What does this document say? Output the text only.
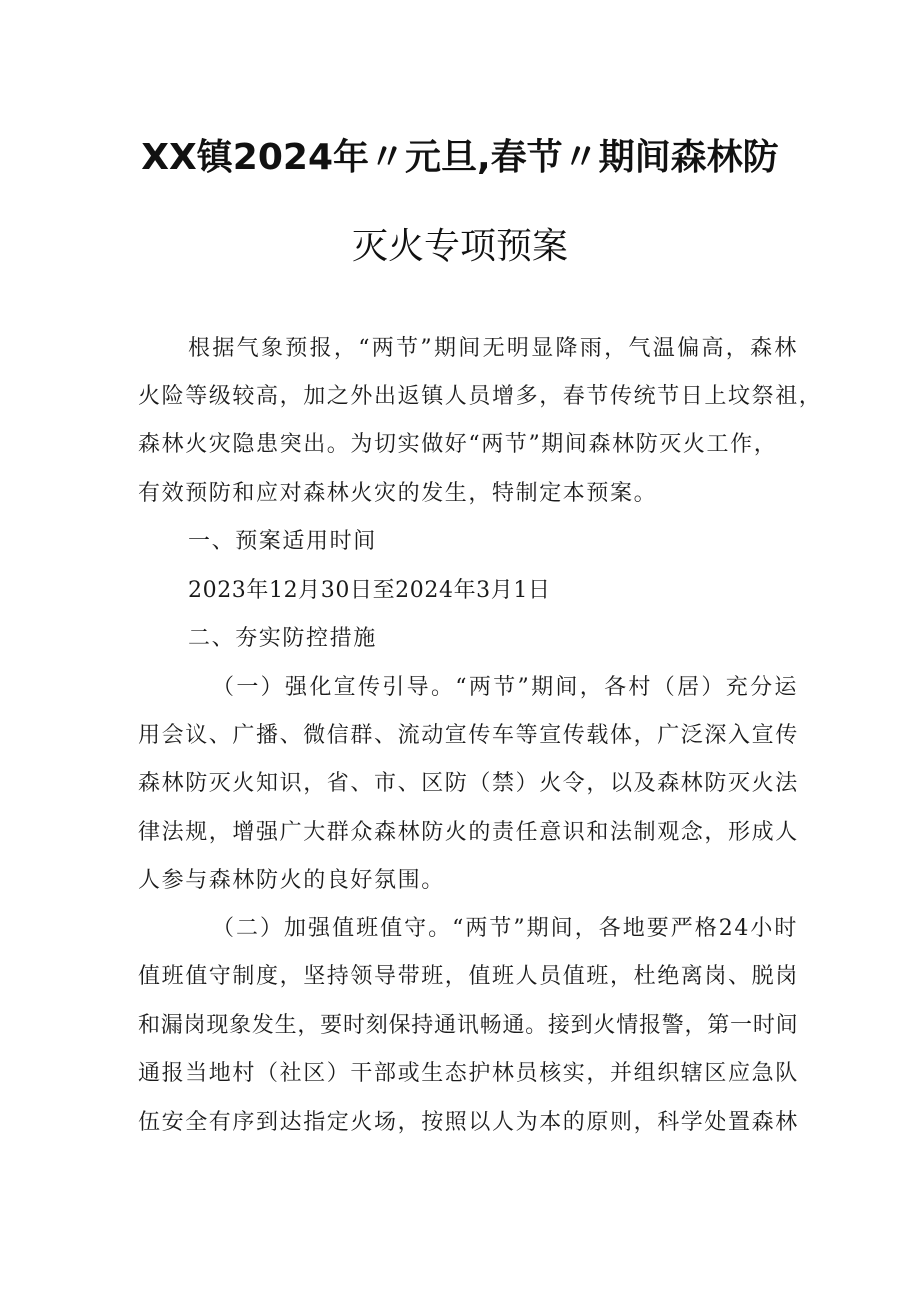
XX镇2024年〃元旦,春节〃期间森林防
灭火专项预案
根据气象预报，“两节”期间无明显降雨，气温偏高，森林
火险等级较高，加之外出返镇人员增多，春节传统节日上坟祭祖，
森林火灾隐患突出。为切实做好“两节”期间森林防灭火工作，
有效预防和应对森林火灾的发生，特制定本预案。
一、预案适用时间
2023年12月30日至2024年3月1日
二、夯实防控措施
（一）强化宣传引导。“两节”期间，各村（居）充分运
用会议、广播、微信群、流动宣传车等宣传载体，广泛深入宣传
森林防灭火知识，省、市、区防（禁）火令，以及森林防灭火法
律法规，增强广大群众森林防火的责任意识和法制观念，形成人
人参与森林防火的良好氛围。
（二）加强值班值守。“两节”期间，各地要严格24小时
值班值守制度，坚持领导带班，值班人员值班，杜绝离岗、脱岗
和漏岗现象发生，要时刻保持通讯畅通。接到火情报警，第一时间
通报当地村（社区）干部或生态护林员核实，并组织辖区应急队
伍安全有序到达指定火场，按照以人为本的原则，科学处置森林
